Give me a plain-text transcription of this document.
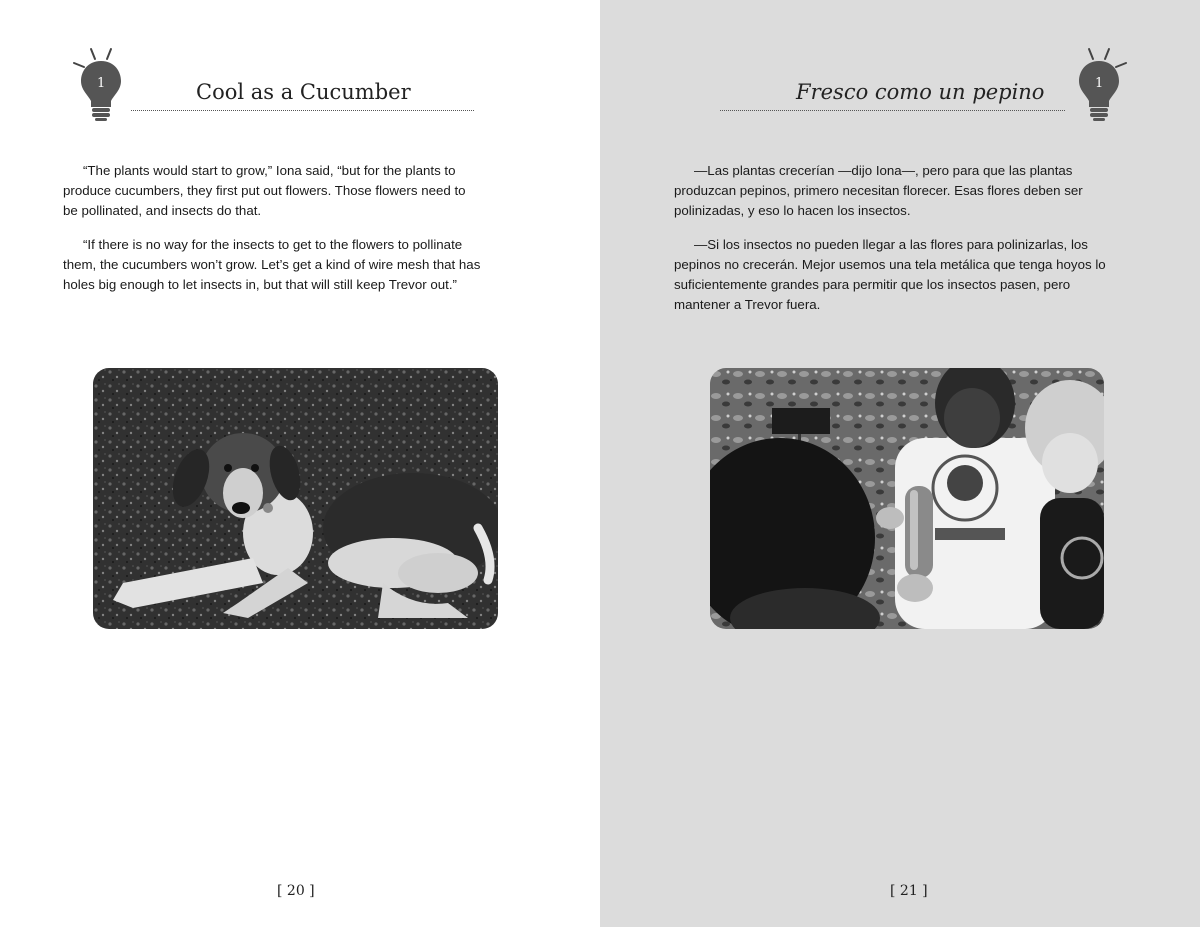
1	Cool as a Cucumber

“The plants would start to grow,” Iona said, “but for the plants to produce cucumbers, they first put out flowers. Those flowers need to be pollinated, and insects do that.

“If there is no way for the insects to get to the flowers to pollinate them, the cucumbers won’t grow. Let’s get a kind of wire mesh that has holes big enough to let insects in, but that will still keep Trevor out.”

[ 20 ]
Fresco como un pepino	1

—Las plantas crecerían —dijo Iona—, pero para que las plantas produzcan pepinos, primero necesitan florecer. Esas flores deben ser polinizadas, y eso lo hacen los insectos.

—Si los insectos no pueden llegar a las flores para polinizarlas, los pepinos no crecerán. Mejor usemos una tela metálica que tenga hoyos lo suficientemente grandes para permitir que los insectos pasen, pero mantener a Trevor fuera.

[ 21 ]
